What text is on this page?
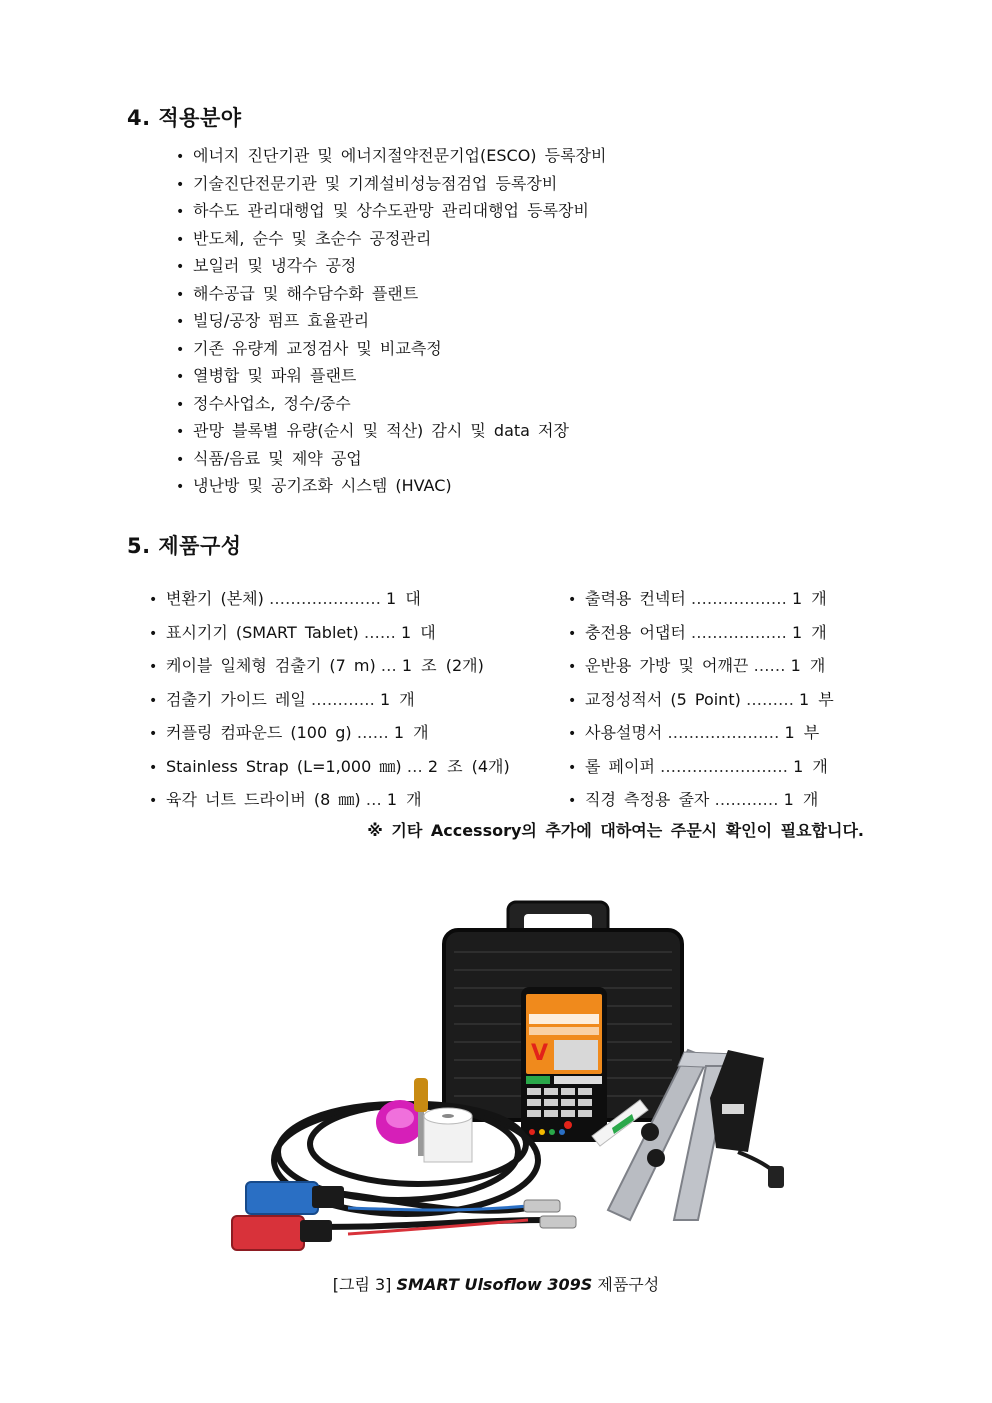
4. 적용분야
• 에너지 진단기관 및 에너지절약전문기업(ESCO) 등록장비
• 기술진단전문기관 및 기계설비성능점검업 등록장비
• 하수도 관리대행업 및 상수도관망 관리대행업 등록장비
• 반도체, 순수 및 초순수 공정관리
• 보일러 및 냉각수 공정
• 해수공급 및 해수담수화 플랜트
• 빌딩/공장 펌프 효율관리
• 기존 유량계 교정검사 및 비교측정
• 열병합 및 파워 플랜트
• 정수사업소, 정수/중수
• 관망 블록별 유량(순시 및 적산) 감시 및 data 저장
• 식품/음료 및 제약 공업
• 냉난방 및 공기조화 시스템 (HVAC)
5. 제품구성
• 변환기 (본체) ………………… 1 대
• 표시기기 (SMART Tablet) …… 1 대
• 케이블 일체형 검출기 (7 m) … 1 조 (2개)
• 검출기 가이드 레일 ………… 1 개
• 커플링 컴파운드 (100 g) …… 1 개
• Stainless Strap (L=1,000 ㎜) … 2 조 (4개)
• 육각 너트 드라이버 (8 ㎜) … 1 개
• 출력용 컨넥터 ……………… 1 개
• 충전용 어댑터 ……………… 1 개
• 운반용 가방 및 어깨끈 …… 1 개
• 교정성적서 (5 Point) ……… 1 부
• 사용설명서 ………………… 1 부
• 롤 페이퍼 …………………… 1 개
• 직경 측정용 줄자 ………… 1 개
※ 기타 Accessory의 추가에 대하여는 주문시 확인이 필요합니다.
V
[그림 3] SMART Ulsoflow 309S 제품구성
